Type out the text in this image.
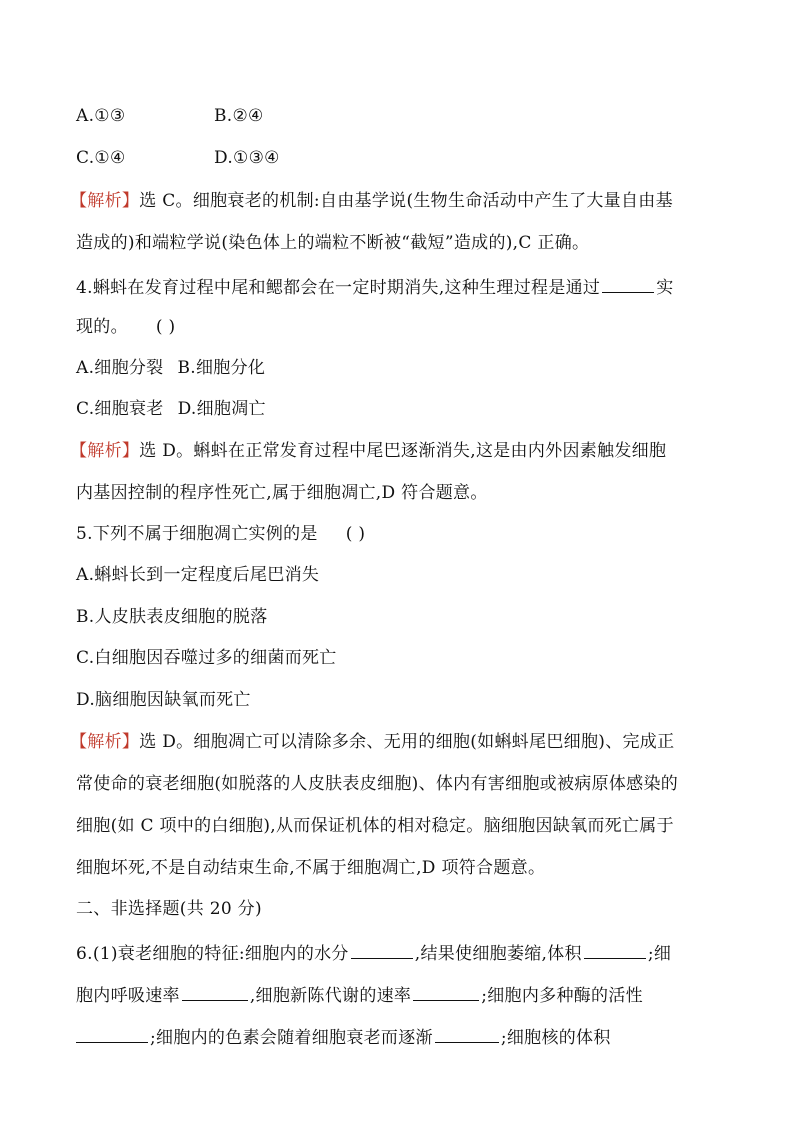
A.①③	B.②④
C.①④	D.①③④
【解析】选 C。细胞衰老的机制:自由基学说(生物生命活动中产生了大量自由基
造成的)和端粒学说(染色体上的端粒不断被“截短”造成的),C 正确。
4.蝌蚪在发育过程中尾和鳃都会在一定时期消失,这种生理过程是通过	实
现的。 ( )
A.细胞分裂 B.细胞分化
C.细胞衰老 D.细胞凋亡
【解析】选 D。蝌蚪在正常发育过程中尾巴逐渐消失,这是由内外因素触发细胞
内基因控制的程序性死亡,属于细胞凋亡,D 符合题意。
5.下列不属于细胞凋亡实例的是 ( )
A.蝌蚪长到一定程度后尾巴消失
B.人皮肤表皮细胞的脱落
C.白细胞因吞噬过多的细菌而死亡
D.脑细胞因缺氧而死亡
【解析】选 D。细胞凋亡可以清除多余、无用的细胞(如蝌蚪尾巴细胞)、完成正
常使命的衰老细胞(如脱落的人皮肤表皮细胞)、体内有害细胞或被病原体感染的
细胞(如 C 项中的白细胞),从而保证机体的相对稳定。脑细胞因缺氧而死亡属于
细胞坏死,不是自动结束生命,不属于细胞凋亡,D 项符合题意。
二、非选择题(共 20 分)
6.(1)衰老细胞的特征:细胞内的水分	,结果使细胞萎缩,体积	;细
胞内呼吸速率	,细胞新陈代谢的速率	;细胞内多种酶的活性
;细胞内的色素会随着细胞衰老而逐渐	;细胞核的体积
